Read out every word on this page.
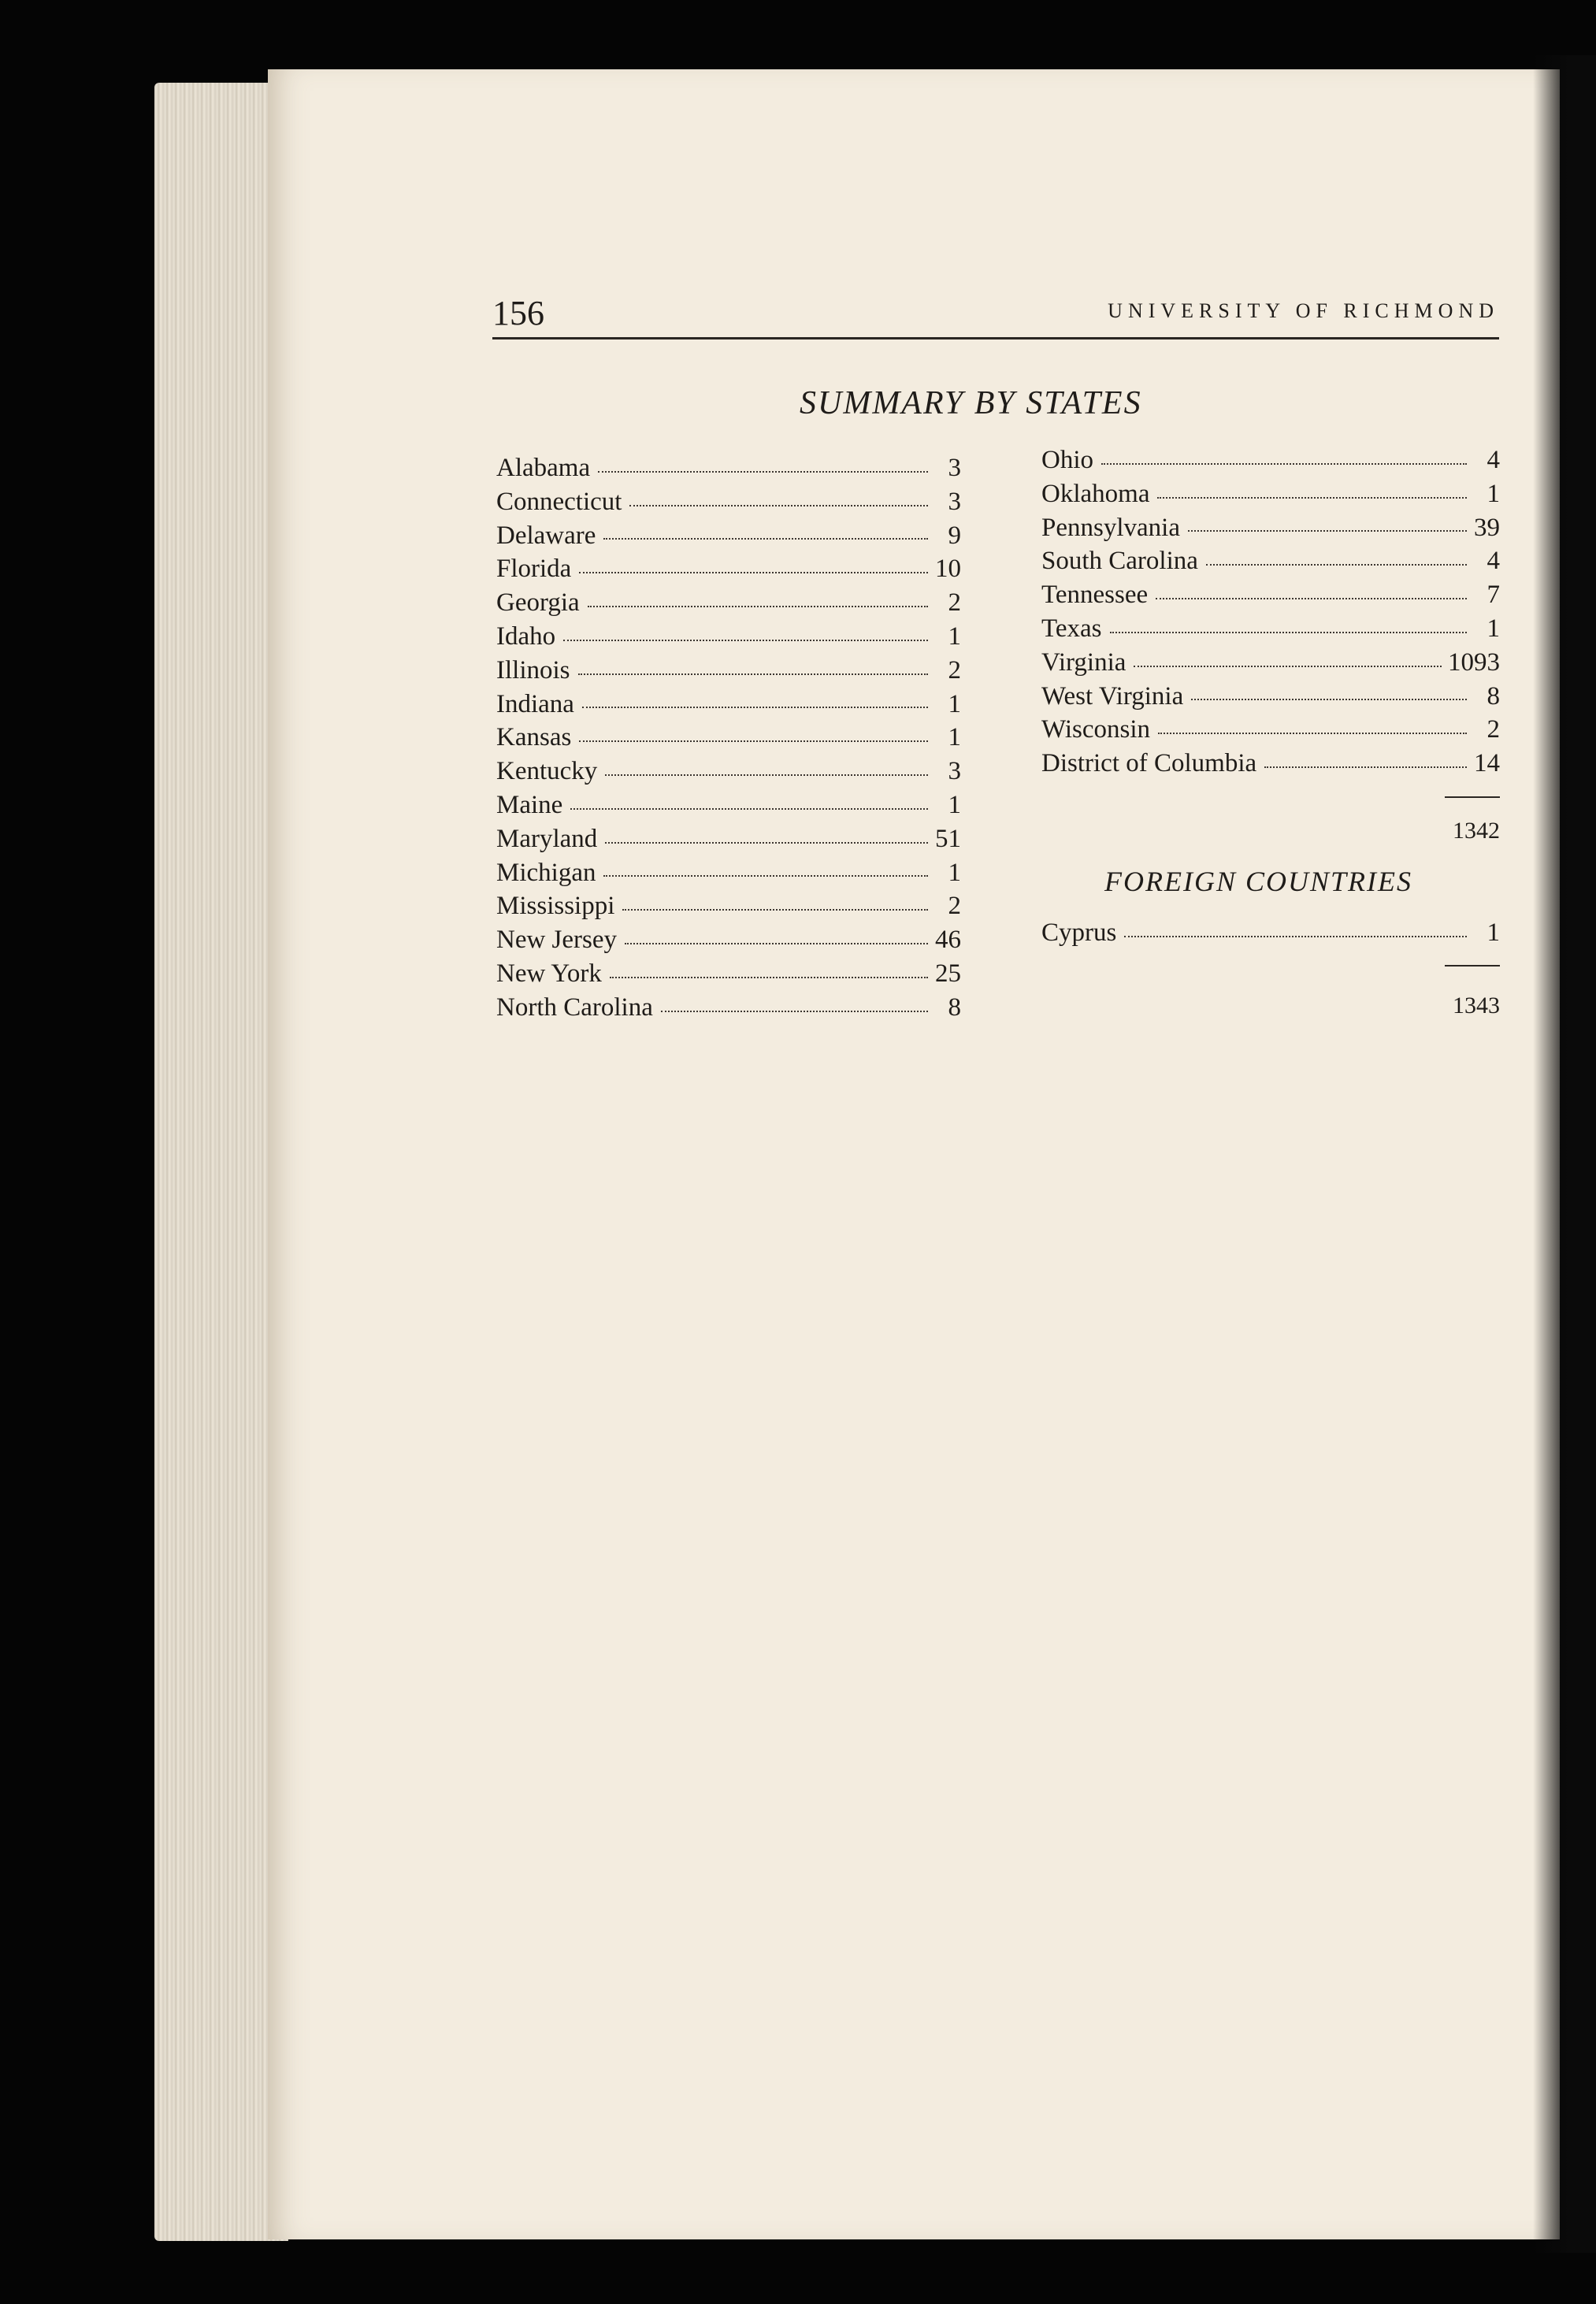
156	UNIVERSITY OF RICHMOND
SUMMARY BY STATES
Alabama	3
Connecticut	3
Delaware	9
Florida	10
Georgia	2
Idaho	1
Illinois	2
Indiana	1
Kansas	1
Kentucky	3
Maine	1
Maryland	51
Michigan	1
Mississippi	2
New Jersey	46
New York	25
North Carolina	8
Ohio	4
Oklahoma	1
Pennsylvania	39
South Carolina	4
Tennessee	7
Texas	1
Virginia	1093
West Virginia	8
Wisconsin	2
District of Columbia	14
1342
FOREIGN COUNTRIES
Cyprus	1
1343
